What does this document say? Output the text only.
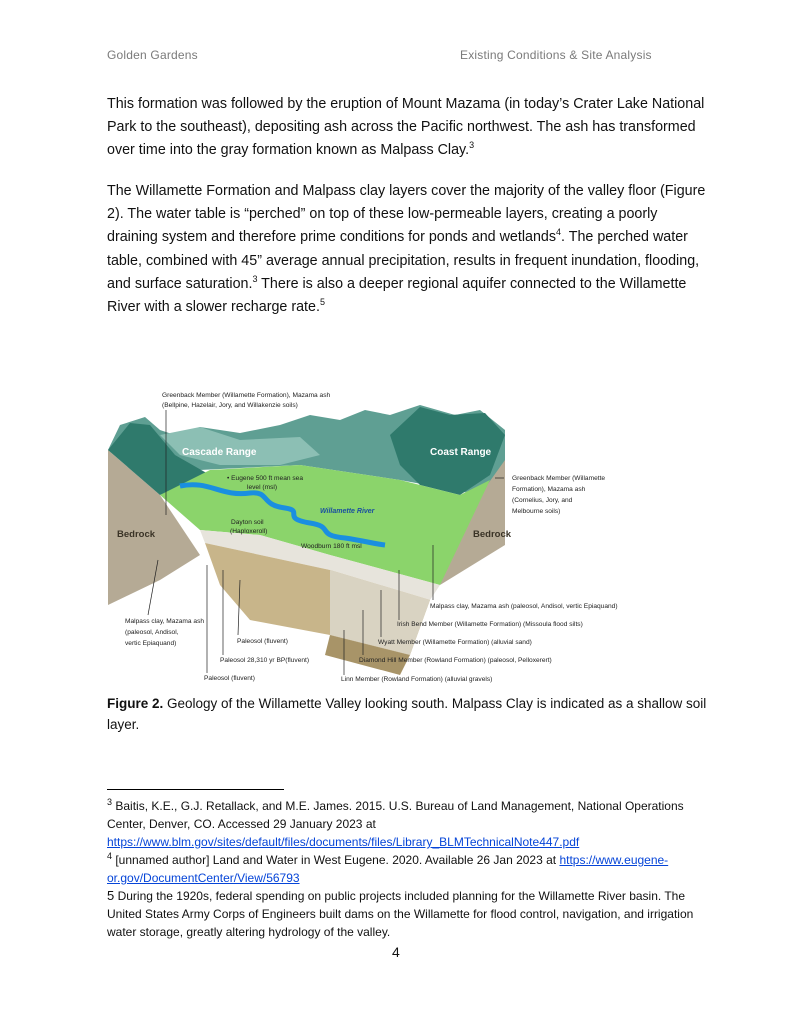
Golden Gardens	Existing Conditions & Site Analysis

This formation was followed by the eruption of Mount Mazama (in today’s Crater Lake National Park to the southeast), depositing ash across the Pacific northwest. The ash has transformed over time into the gray formation known as Malpass Clay.$^3$

The Willamette Formation and Malpass clay layers cover the majority of the valley floor (Figure 2). The water table is “perched” on top of these low-permeable layers, creating a poorly draining system and therefore prime conditions for ponds and wetlands$^4$. The perched water table, combined with 45” average annual precipitation, results in frequent inundation, flooding, and surface saturation.$^3$ There is also a deeper regional aquifer connected to the Willamette River with a slower recharge rate.$^5$

Greenback Member (Willamette Formation), Mazama ash
(Bellpine, Hazelair, Jory, and Willakenzie soils)
Cascade Range	Coast Range
• Eugene 500 ft mean sea
level (msl)
Willamette River
Dayton soil
(Haploxeroll)
Woodburn 180 ft msl
Bedrock	Bedrock
Greenback Member (Willamette
Formation), Mazama ash
(Cornelius, Jory, and
Melbourne soils)
Malpass clay, Mazama ash
(paleosol, Andisol,
vertic Epiaquand)	Paleosol (fluvent)
Paleosol 28,310 yr BP(fluvent)
Paleosol (fluvent)
Malpass clay, Mazama ash (paleosol, Andisol, vertic Epiaquand)
Irish Bend Member (Willamette Formation) (Missoula flood silts)
Wyatt Member (Willamette Formation) (alluvial sand)
Diamond Hill Member (Rowland Formation) (paleosol, Pelloxerert)
Linn Member (Rowland Formation) (alluvial gravels)

Figure 2. Geology of the Willamette Valley looking south. Malpass Clay is indicated as a shallow soil layer.

$^3$ Baitis, K.E., G.J. Retallack, and M.E. James. 2015. U.S. Bureau of Land Management, National Operations Center, Denver, CO. Accessed 29 January 2023 at https://www.blm.gov/sites/default/files/documents/files/Library_BLMTechnicalNote447.pdf

$^4$ [unnamed author] Land and Water in West Eugene. 2020. Available 26 Jan 2023 at https://www.eugene-or.gov/DocumentCenter/View/56793

5 During the 1920s, federal spending on public projects included planning for the Willamette River basin. The United States Army Corps of Engineers built dams on the Willamette for flood control, navigation, and irrigation water storage, greatly altering hydrology of the valley.

4
